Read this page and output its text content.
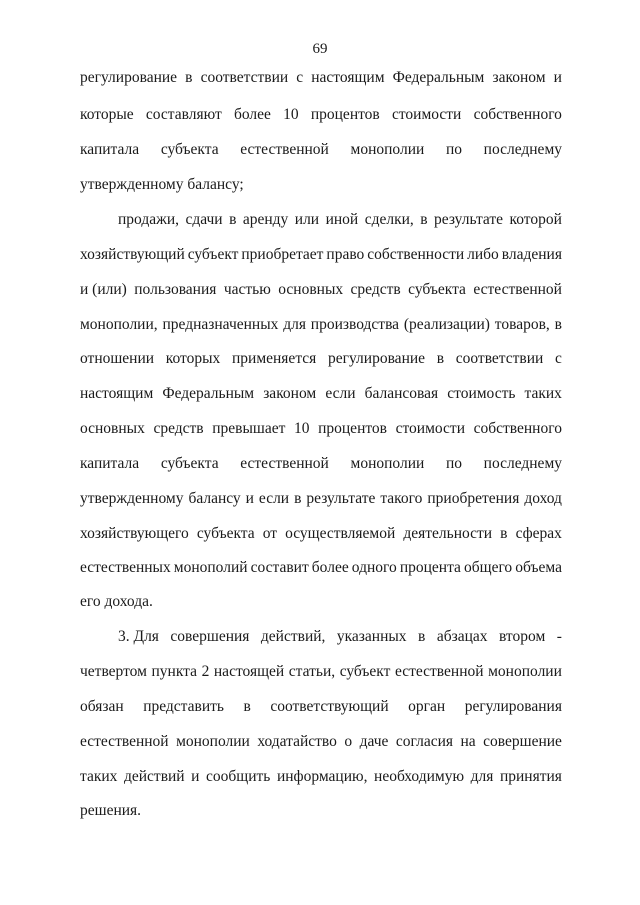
69
регулирование в соответствии с настоящим Федеральным законом и
которые составляют более 10 процентов стоимости собственного
капитала субъекта естественной монополии по последнему
утвержденному балансу;
продажи, сдачи в аренду или иной сделки, в результате которой
хозяйствующий субъект приобретает право собственности либо владения
и (или) пользования частью основных средств субъекта естественной
монополии, предназначенных для производства (реализации) товаров, в
отношении которых применяется регулирование в соответствии с
настоящим Федеральным законом если балансовая стоимость таких
основных средств превышает 10 процентов стоимости собственного
капитала субъекта естественной монополии по последнему
утвержденному балансу и если в результате такого приобретения доход
хозяйствующего субъекта от осуществляемой деятельности в сферах
естественных монополий составит более одного процента общего объема
его дохода.
3. Для совершения действий, указанных в абзацах втором -
четвертом пункта 2 настоящей статьи, субъект естественной монополии
обязан представить в соответствующий орган регулирования
естественной монополии ходатайство о даче согласия на совершение
таких действий и сообщить информацию, необходимую для принятия
решения.
